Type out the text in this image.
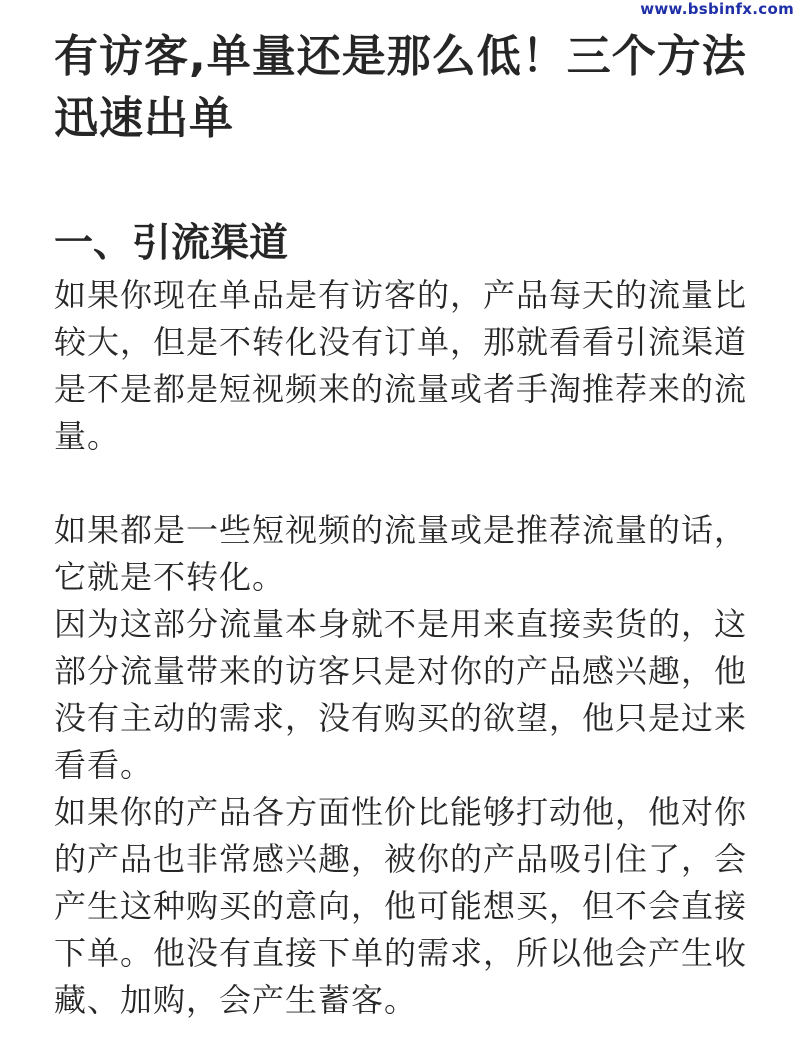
www.bsbinfx.com
有访客,单量还是那么低！三个方法迅速出单
一、引流渠道

如果你现在单品是有访客的，产品每天的流量比较大，但是不转化没有订单，那就看看引流渠道是不是都是短视频来的流量或者手淘推荐来的流量。

如果都是一些短视频的流量或是推荐流量的话，它就是不转化。

因为这部分流量本身就不是用来直接卖货的，这部分流量带来的访客只是对你的产品感兴趣，他没有主动的需求，没有购买的欲望，他只是过来看看。

如果你的产品各方面性价比能够打动他，他对你的产品也非常感兴趣，被你的产品吸引住了，会产生这种购买的意向，他可能想买，但不会直接下单。他没有直接下单的需求，所以他会产生收藏、加购，会产生蓄客。
